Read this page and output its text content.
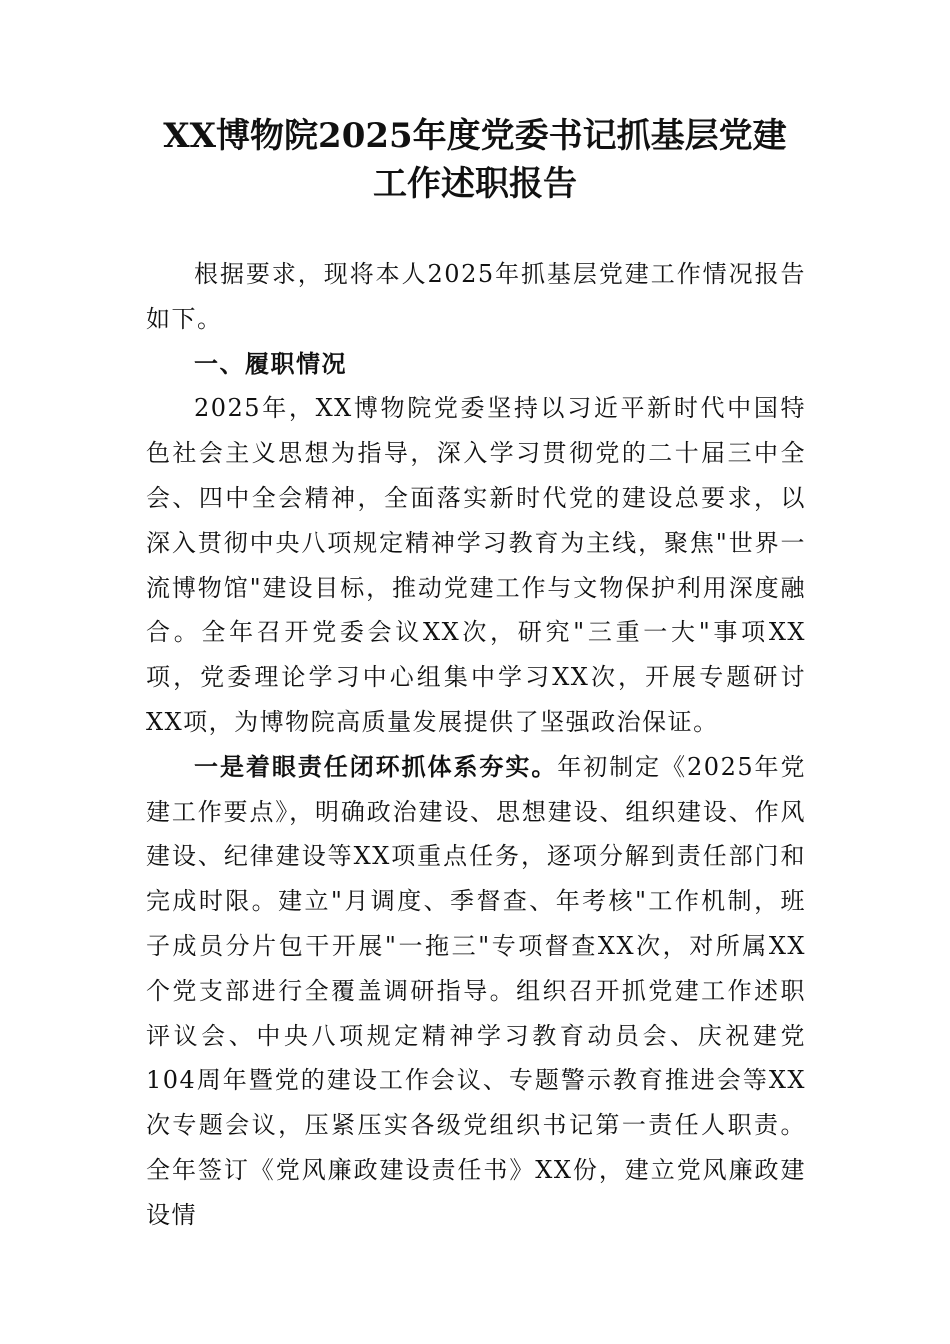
XX博物院2025年度党委书记抓基层党建
工作述职报告

根据要求，现将本人2025年抓基层党建工作情况报告如下。

一、履职情况

2025年，XX博物院党委坚持以习近平新时代中国特色社会主义思想为指导，深入学习贯彻党的二十届三中全会、四中全会精神，全面落实新时代党的建设总要求，以深入贯彻中央八项规定精神学习教育为主线，聚焦"世界一流博物馆"建设目标，推动党建工作与文物保护利用深度融合。全年召开党委会议XX次，研究"三重一大"事项XX项，党委理论学习中心组集中学习XX次，开展专题研讨XX项，为博物院高质量发展提供了坚强政治保证。

一是着眼责任闭环抓体系夯实。年初制定《2025年党建工作要点》，明确政治建设、思想建设、组织建设、作风建设、纪律建设等XX项重点任务，逐项分解到责任部门和完成时限。建立"月调度、季督查、年考核"工作机制，班子成员分片包干开展"一拖三"专项督查XX次，对所属XX个党支部进行全覆盖调研指导。组织召开抓党建工作述职评议会、中央八项规定精神学习教育动员会、庆祝建党104周年暨党的建设工作会议、专题警示教育推进会等XX次专题会议，压紧压实各级党组织书记第一责任人职责。全年签订《党风廉政建设责任书》XX份，建立党风廉政建设情
